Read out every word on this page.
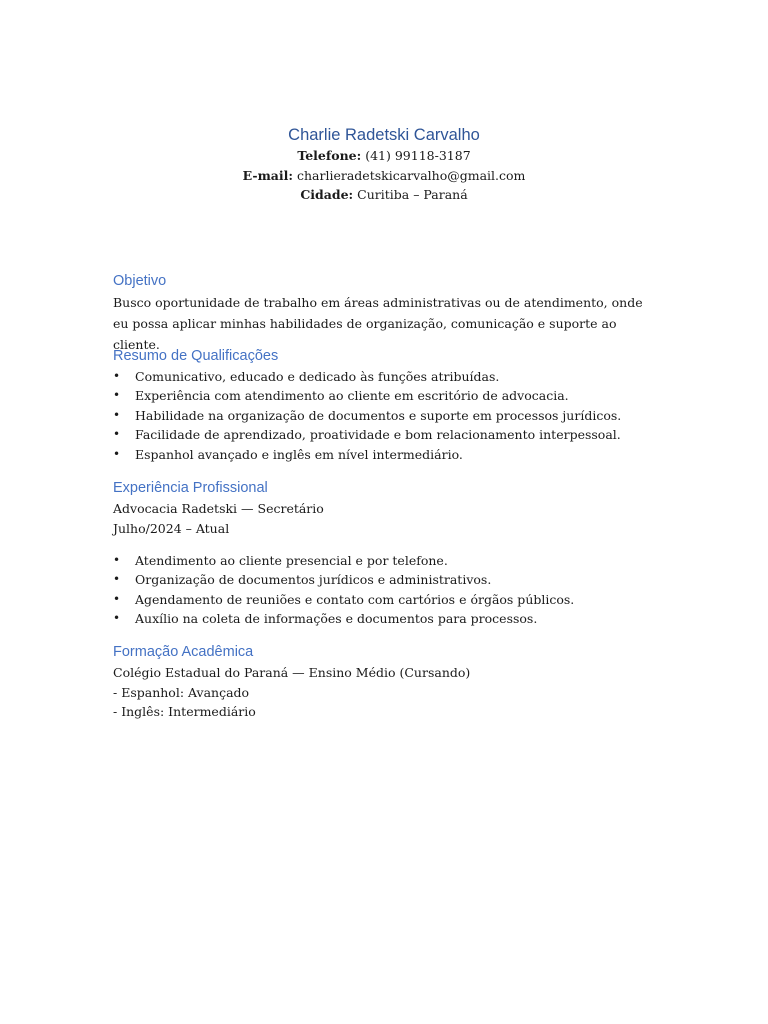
Charlie Radetski Carvalho

Telefone: (41) 99118-3187

E-mail: charlieradetskicarvalho@gmail.com

Cidade: Curitiba – Paraná

Objetivo

Busco oportunidade de trabalho em áreas administrativas ou de atendimento, onde eu possa aplicar minhas habilidades de organização, comunicação e suporte ao cliente.

Resumo de Qualificações

• Comunicativo, educado e dedicado às funções atribuídas.
• Experiência com atendimento ao cliente em escritório de advocacia.
• Habilidade na organização de documentos e suporte em processos jurídicos.
• Facilidade de aprendizado, proatividade e bom relacionamento interpessoal.
• Espanhol avançado e inglês em nível intermediário.

Experiência Profissional

Advocacia Radetski — Secretário

Julho/2024 – Atual

• Atendimento ao cliente presencial e por telefone.
• Organização de documentos jurídicos e administrativos.
• Agendamento de reuniões e contato com cartórios e órgãos públicos.
• Auxílio na coleta de informações e documentos para processos.

Formação Acadêmica

Colégio Estadual do Paraná — Ensino Médio (Cursando)

- Espanhol: Avançado

- Inglês: Intermediário
